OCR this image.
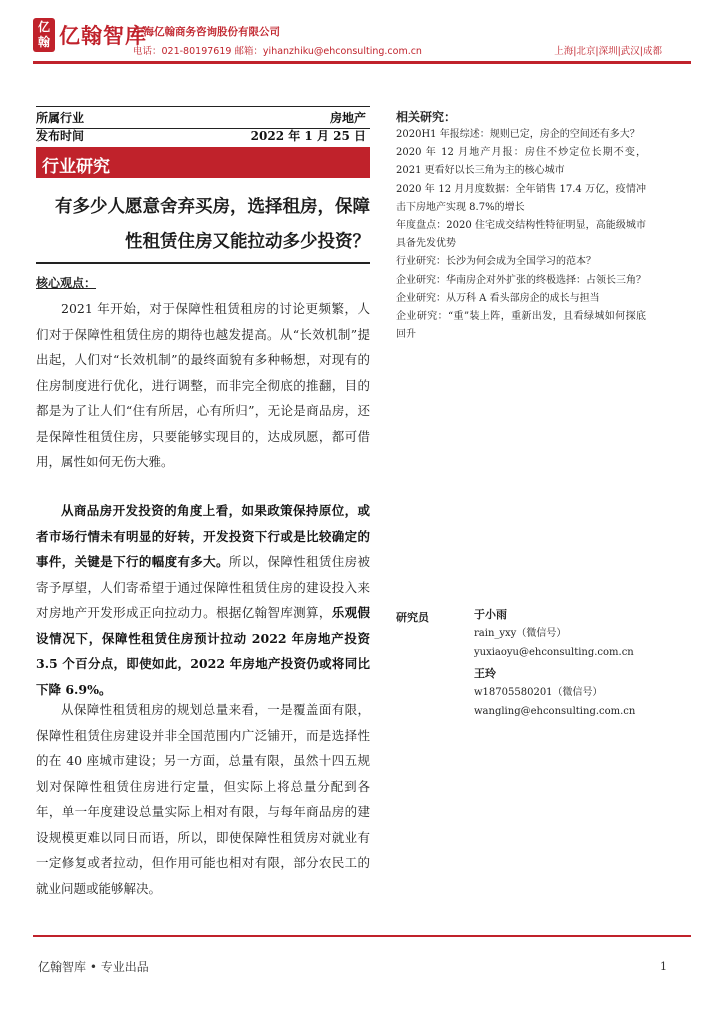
亿翰 亿翰智库
上海亿翰商务咨询股份有限公司
电话：021-80197619 邮箱：yihanzhiku@ehconsulting.com.cn	上海|北京|深圳|武汉|成都
所属行业	房地产
发布时间	2022 年 1 月 25 日
行业研究
有多少人愿意舍弃买房，选择租房，保障
性租赁住房又能拉动多少投资？
核心观点：
2021 年开始，对于保障性租赁租房的讨论更频繁，人们对于保障性租赁住房的期待也越发提高。从“长效机制”提出起，人们对“长效机制”的最终面貌有多种畅想，对现有的住房制度进行优化，进行调整，而非完全彻底的推翻，目的都是为了让人们“住有所居，心有所归”，无论是商品房，还是保障性租赁住房，只要能够实现目的，达成夙愿，都可借用，属性如何无伤大雅。
从商品房开发投资的角度上看，如果政策保持原位，或者市场行情未有明显的好转，开发投资下行或是比较确定的事件，关键是下行的幅度有多大。所以，保障性租赁住房被寄予厚望，人们寄希望于通过保障性租赁住房的建设投入来对房地产开发形成正向拉动力。根据亿翰智库测算，乐观假设情况下，保障性租赁住房预计拉动 2022 年房地产投资 3.5 个百分点，即使如此，2022 年房地产投资仍或将同比下降 6.9%。
从保障性租赁租房的规划总量来看，一是覆盖面有限，保障性租赁住房建设并非全国范围内广泛铺开，而是选择性的在 40 座城市建设；另一方面，总量有限，虽然十四五规划对保障性租赁住房进行定量，但实际上将总量分配到各年，单一年度建设总量实际上相对有限，与每年商品房的建设规模更难以同日而语，所以，即使保障性租赁房对就业有一定修复或者拉动，但作用可能也相对有限，部分农民工的就业问题或能够解决。
相关研究：
2020H1 年报综述：规则已定，房企的空间还有多大？
2020 年 12 月地产月报：房住不炒定位长期不变，2021 更看好以长三角为主的核心城市
2020 年 12 月月度数据：全年销售 17.4 万亿，疫情冲击下房地产实现 8.7%的增长
年度盘点：2020 住宅成交结构性特征明显，高能级城市具备先发优势
行业研究：长沙为何会成为全国学习的范本？
企业研究：华南房企对外扩张的终极选择：占领长三角？
企业研究：从万科 A 看头部房企的成长与担当
企业研究：“重”装上阵，重新出发，且看绿城如何探底回升
研究员	于小雨
rain_yxy（微信号）
yuxiaoyu@ehconsulting.com.cn
王玲
w18705580201（微信号）
wangling@ehconsulting.com.cn
亿翰智库 • 专业出品	1
